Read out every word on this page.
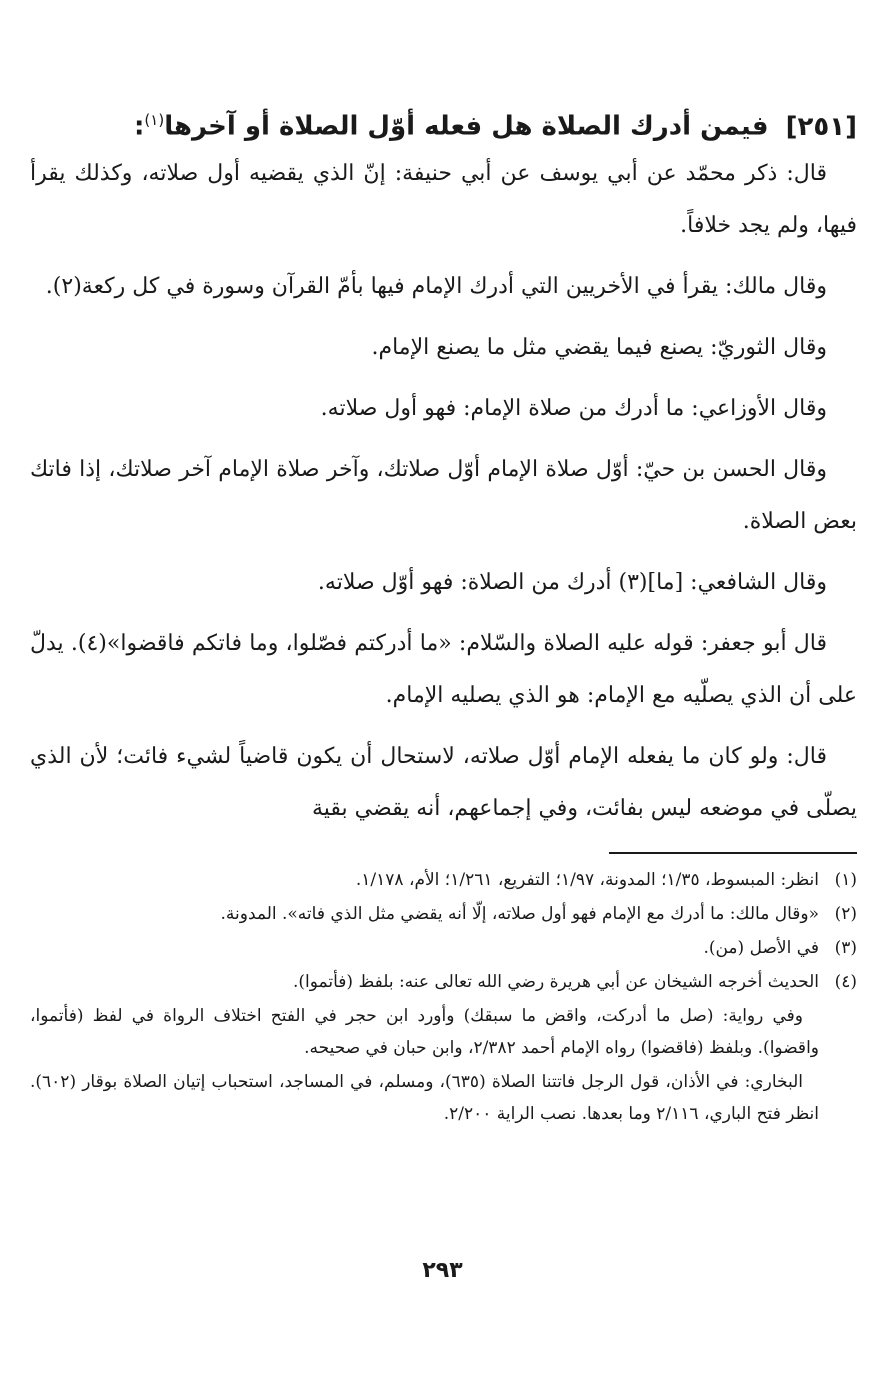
[٢٥١] فيمن أدرك الصلاة هل فعله أوّل الصلاة أو آخرها$^{(١)}$:

قال: ذكر محمّد عن أبي يوسف عن أبي حنيفة: إنّ الذي يقضيه أول صلاته، وكذلك يقرأ فيها، ولم يجد خلافاً.

وقال مالك: يقرأ في الأخريين التي أدرك الإمام فيها بأمّ القرآن وسورة في كل ركعة(٢).

وقال الثوريّ: يصنع فيما يقضي مثل ما يصنع الإمام.

وقال الأوزاعي: ما أدرك من صلاة الإمام: فهو أول صلاته.

وقال الحسن بن حيّ: أوّل صلاة الإمام أوّل صلاتك، وآخر صلاة الإمام آخر صلاتك، إذا فاتك بعض الصلاة.

وقال الشافعي: [ما](٣) أدرك من الصلاة: فهو أوّل صلاته.

قال أبو جعفر: قوله عليه الصلاة والسّلام: «ما أدركتم فصّلوا، وما فاتكم فاقضوا»(٤). يدلّ على أن الذي يصلّيه مع الإمام: هو الذي يصليه الإمام.

قال: ولو كان ما يفعله الإمام أوّل صلاته، لاستحال أن يكون قاضياً لشيء فائت؛ لأن الذي يصلّى في موضعه ليس بفائت، وفي إجماعهم، أنه يقضي بقية

(١)
انظر: المبسوط، ١/٣٥؛ المدونة، ١/٩٧؛ التفريع، ١/٢٦١؛ الأم، ١/١٧٨.
(٢)
«وقال مالك: ما أدرك مع الإمام فهو أول صلاته، إلّا أنه يقضي مثل الذي فاته». المدونة.
(٣)
في الأصل (من).
(٤)
الحديث أخرجه الشيخان عن أبي هريرة رضي الله تعالى عنه: بلفظ (فأتموا).
وفي رواية: (صل ما أدركت، واقض ما سبقك) وأورد ابن حجر في الفتح اختلاف الرواة في لفظ (فأتموا، واقضوا). وبلفظ (فاقضوا) رواه الإمام أحمد ٢/٣٨٢، وابن حبان في صحيحه.
البخاري: في الأذان، قول الرجل فاتتنا الصلاة (٦٣٥)، ومسلم، في المساجد، استحباب إتيان الصلاة بوقار (٦٠٢). انظر فتح الباري، ٢/١١٦ وما بعدها. نصب الراية ٢/٢٠٠.
٢٩٣
